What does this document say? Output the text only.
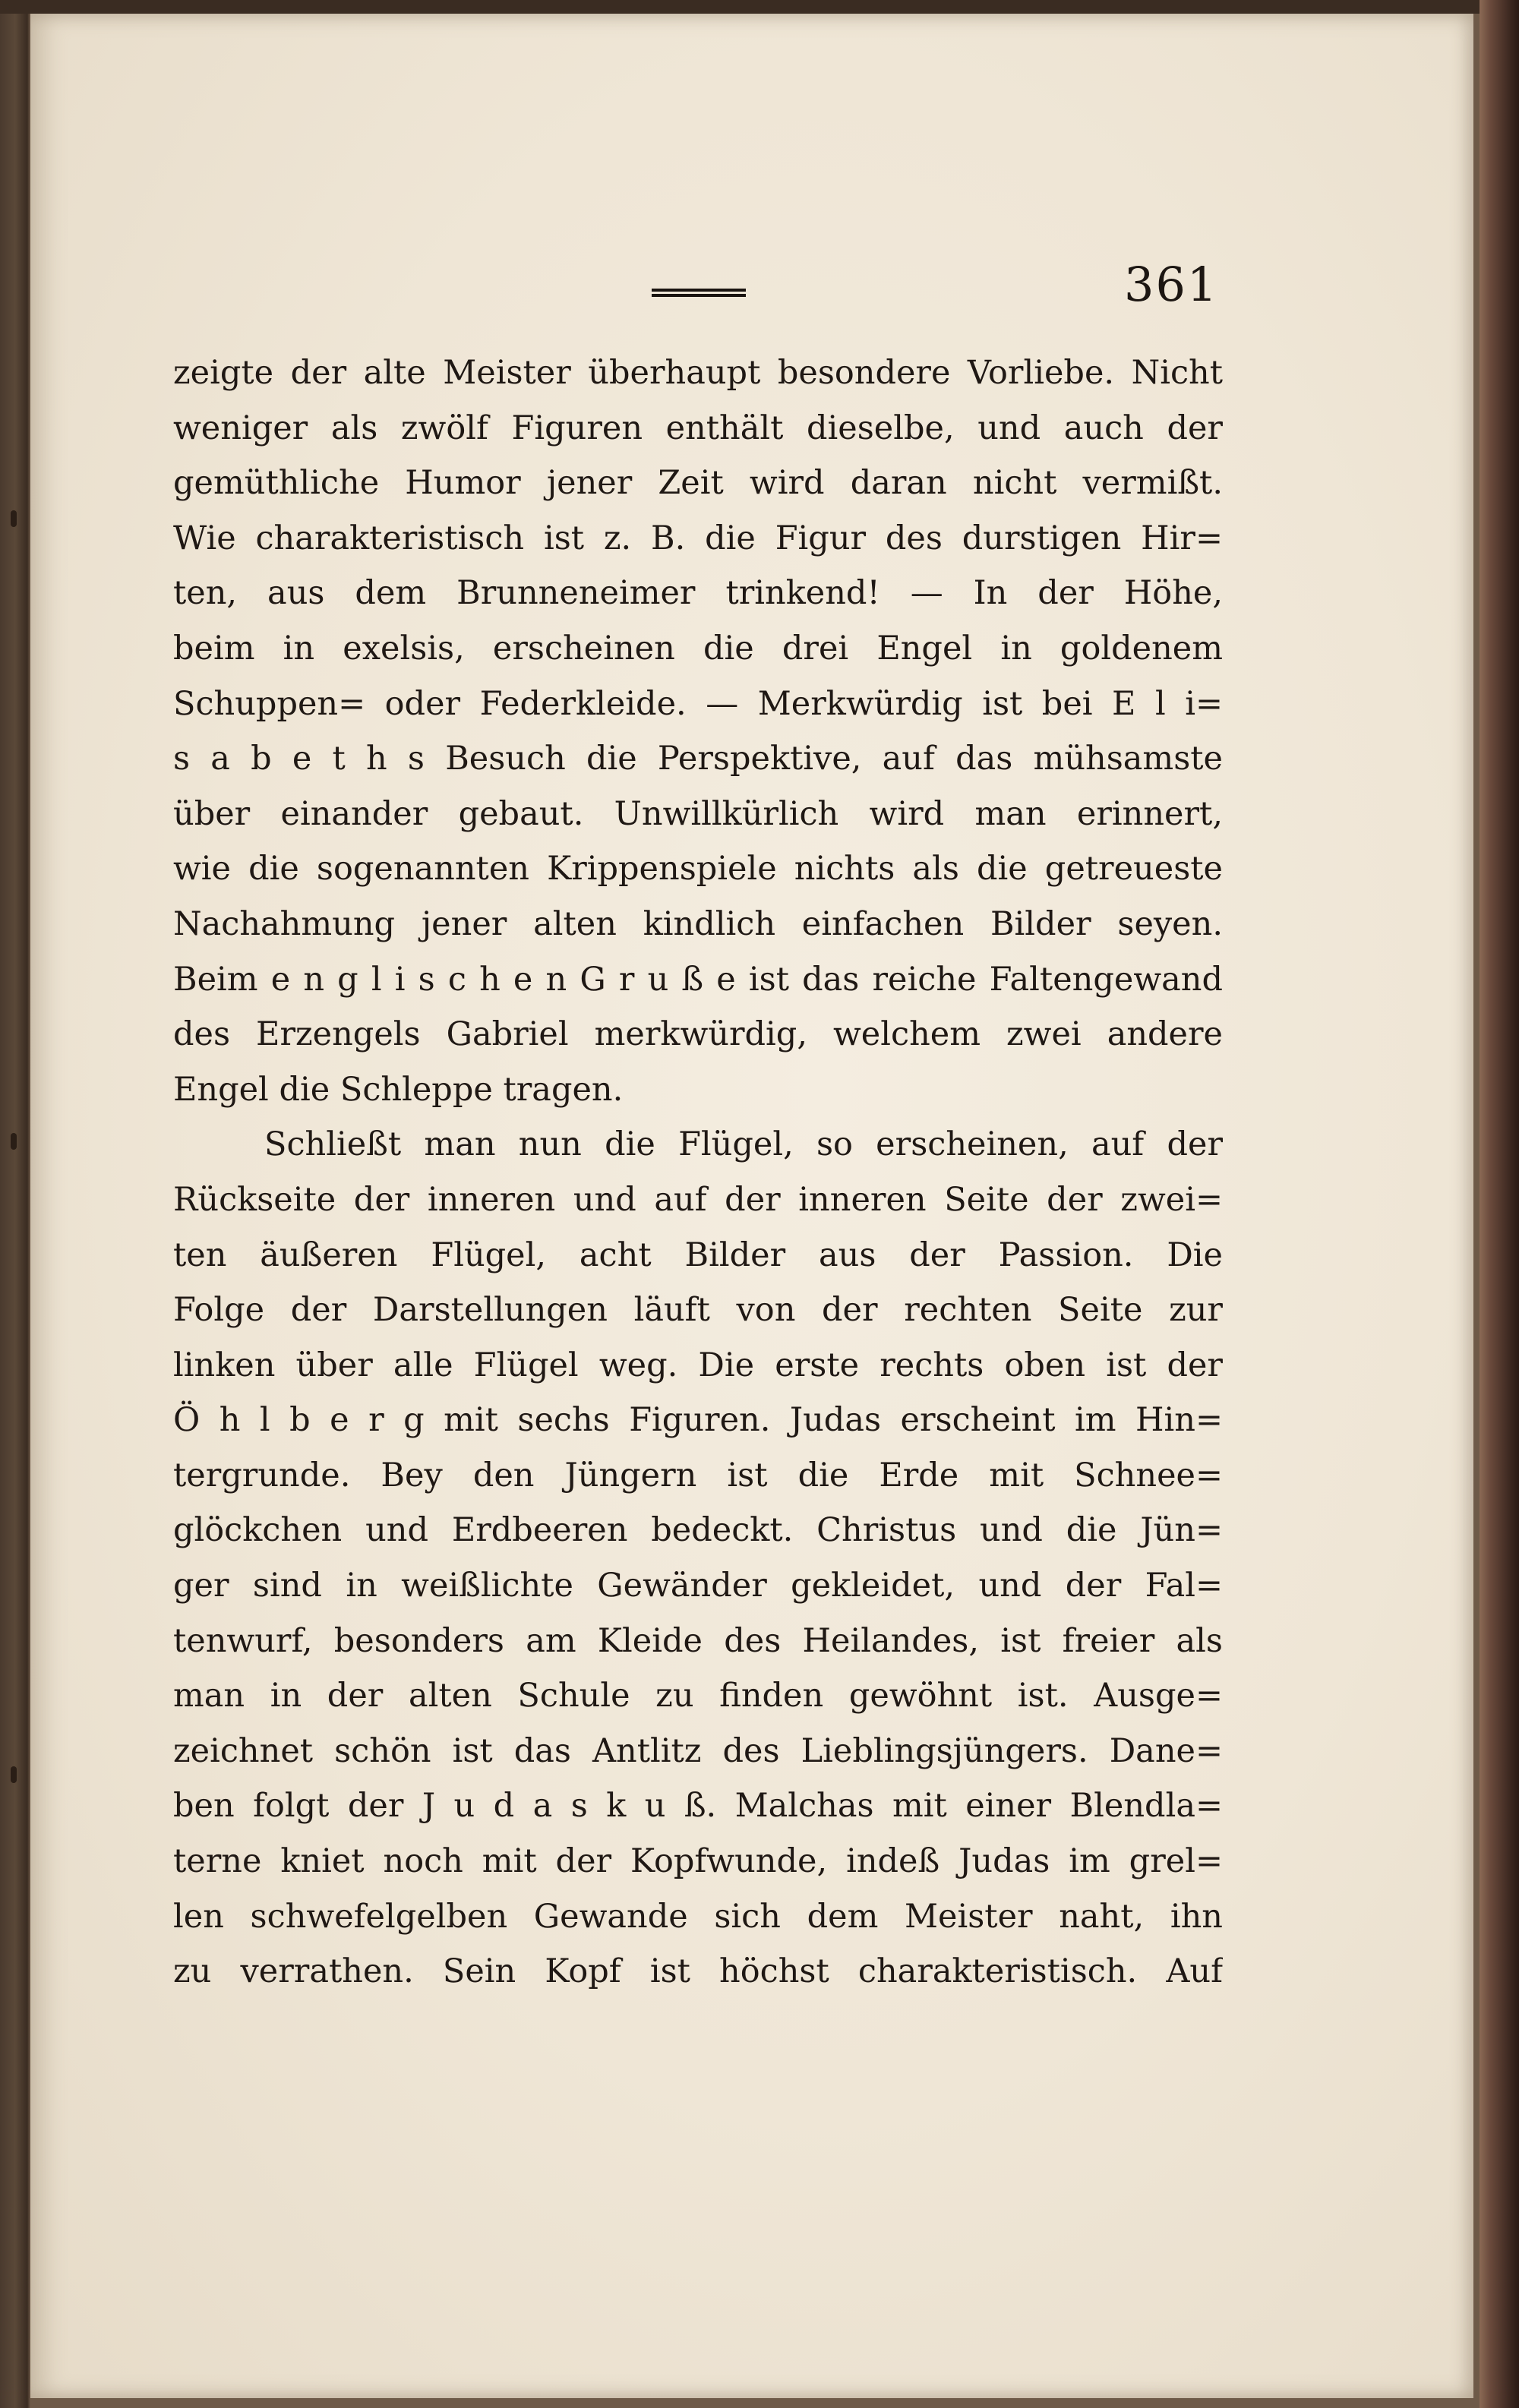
361
zeigte der alte Meister überhaupt besondere Vorliebe. Nicht
weniger als zwölf Figuren enthält dieselbe, und auch der
gemüthliche Humor jener Zeit wird daran nicht vermißt.
Wie charakteristisch ist z. B. die Figur des durstigen Hir=
ten, aus dem Brunneneimer trinkend! — In der Höhe,
beim in exelsis, erscheinen die drei Engel in goldenem
Schuppen= oder Federkleide. — Merkwürdig ist bei E l i=
s a b e t h s Besuch die Perspektive, auf das mühsamste
über einander gebaut. Unwillkürlich wird man erinnert,
wie die sogenannten Krippenspiele nichts als die getreueste
Nachahmung jener alten kindlich einfachen Bilder seyen.
Beim e n g l i s c h e n G r u ß e ist das reiche Faltengewand
des Erzengels Gabriel merkwürdig, welchem zwei andere
Engel die Schleppe tragen.
Schließt man nun die Flügel, so erscheinen, auf der
Rückseite der inneren und auf der inneren Seite der zwei=
ten äußeren Flügel, acht Bilder aus der Passion. Die
Folge der Darstellungen läuft von der rechten Seite zur
linken über alle Flügel weg. Die erste rechts oben ist der
Ö h l b e r g mit sechs Figuren. Judas erscheint im Hin=
tergrunde. Bey den Jüngern ist die Erde mit Schnee=
glöckchen und Erdbeeren bedeckt. Christus und die Jün=
ger sind in weißlichte Gewänder gekleidet, und der Fal=
tenwurf, besonders am Kleide des Heilandes, ist freier als
man in der alten Schule zu finden gewöhnt ist. Ausge=
zeichnet schön ist das Antlitz des Lieblingsjüngers. Dane=
ben folgt der J u d a s k u ß. Malchas mit einer Blendla=
terne kniet noch mit der Kopfwunde, indeß Judas im grel=
len schwefelgelben Gewande sich dem Meister naht, ihn
zu verrathen. Sein Kopf ist höchst charakteristisch. Auf
